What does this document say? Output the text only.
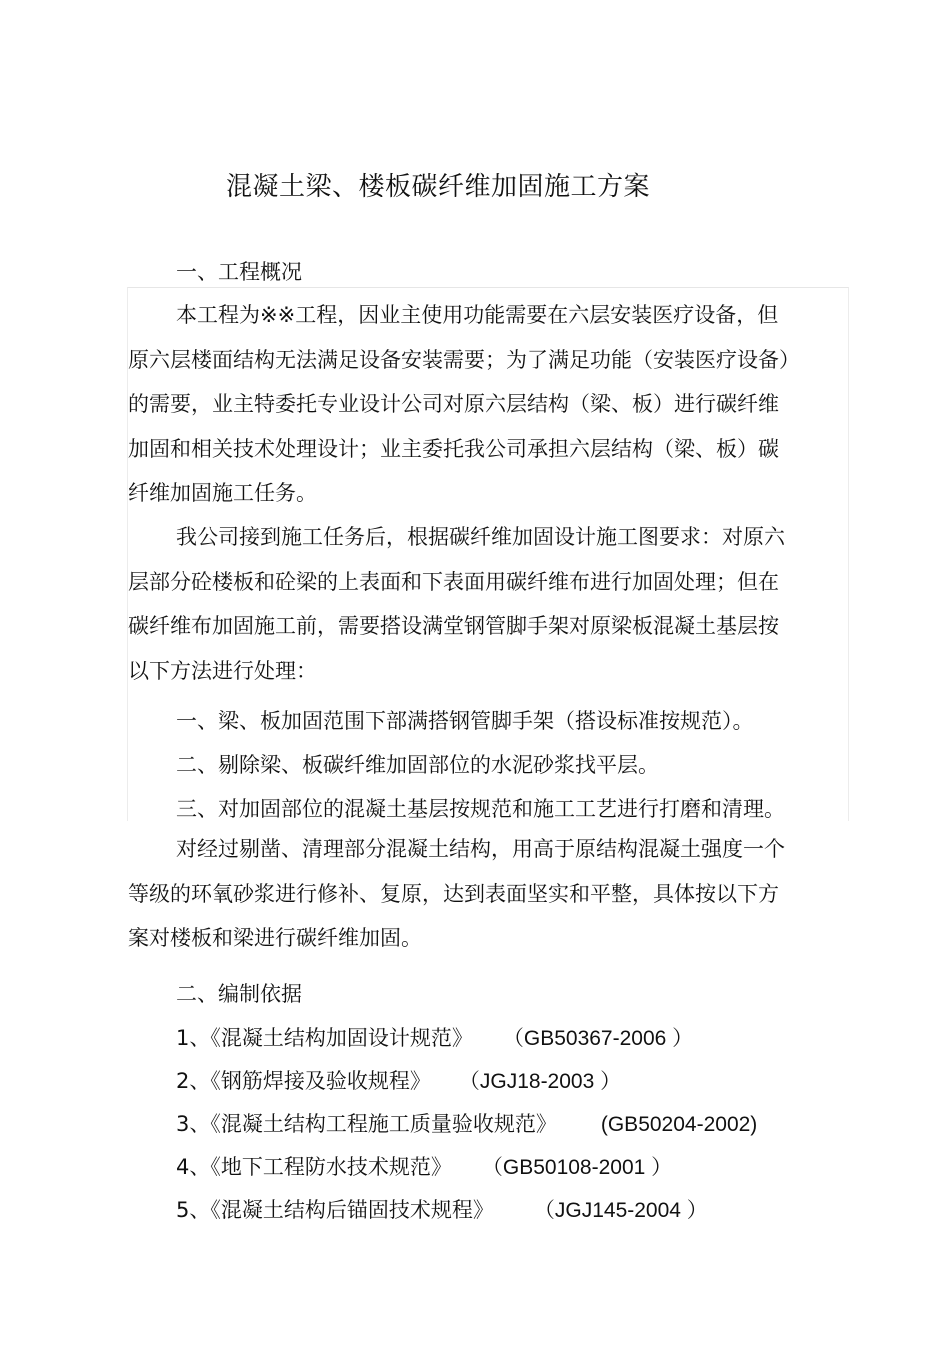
混凝土梁、楼板碳纤维加固施工方案
一、工程概况

本工程为※※工程，因业主使用功能需要在六层安装医疗设备，但原六层楼面结构无法满足设备安装需要；为了满足功能（安装医疗设备）的需要，业主特委托专业设计公司对原六层结构（梁、板）进行碳纤维加固和相关技术处理设计；业主委托我公司承担六层结构（梁、板）碳纤维加固施工任务。

我公司接到施工任务后，根据碳纤维加固设计施工图要求：对原六层部分砼楼板和砼梁的上表面和下表面用碳纤维布进行加固处理；但在碳纤维布加固施工前，需要搭设满堂钢管脚手架对原梁板混凝土基层按以下方法进行处理：

一、梁、板加固范围下部满搭钢管脚手架（搭设标准按规范）。
二、剔除梁、板碳纤维加固部位的水泥砂浆找平层。
三、对加固部位的混凝土基层按规范和施工工艺进行打磨和清理。

对经过剔凿、清理部分混凝土结构，用高于原结构混凝土强度一个等级的环氧砂浆进行修补、复原，达到表面坚实和平整，具体按以下方案对楼板和梁进行碳纤维加固。

二、编制依据
1、《混凝土结构加固设计规范》 （GB50367-2006 ）
2、《钢筋焊接及验收规程》 （JGJ18-2003 ）
3、《混凝土结构工程施工质量验收规范》 (GB50204-2002)
4、《地下工程防水技术规范》 （GB50108-2001 ）
5、《混凝土结构后锚固技术规程》 （JGJ145-2004 ）
